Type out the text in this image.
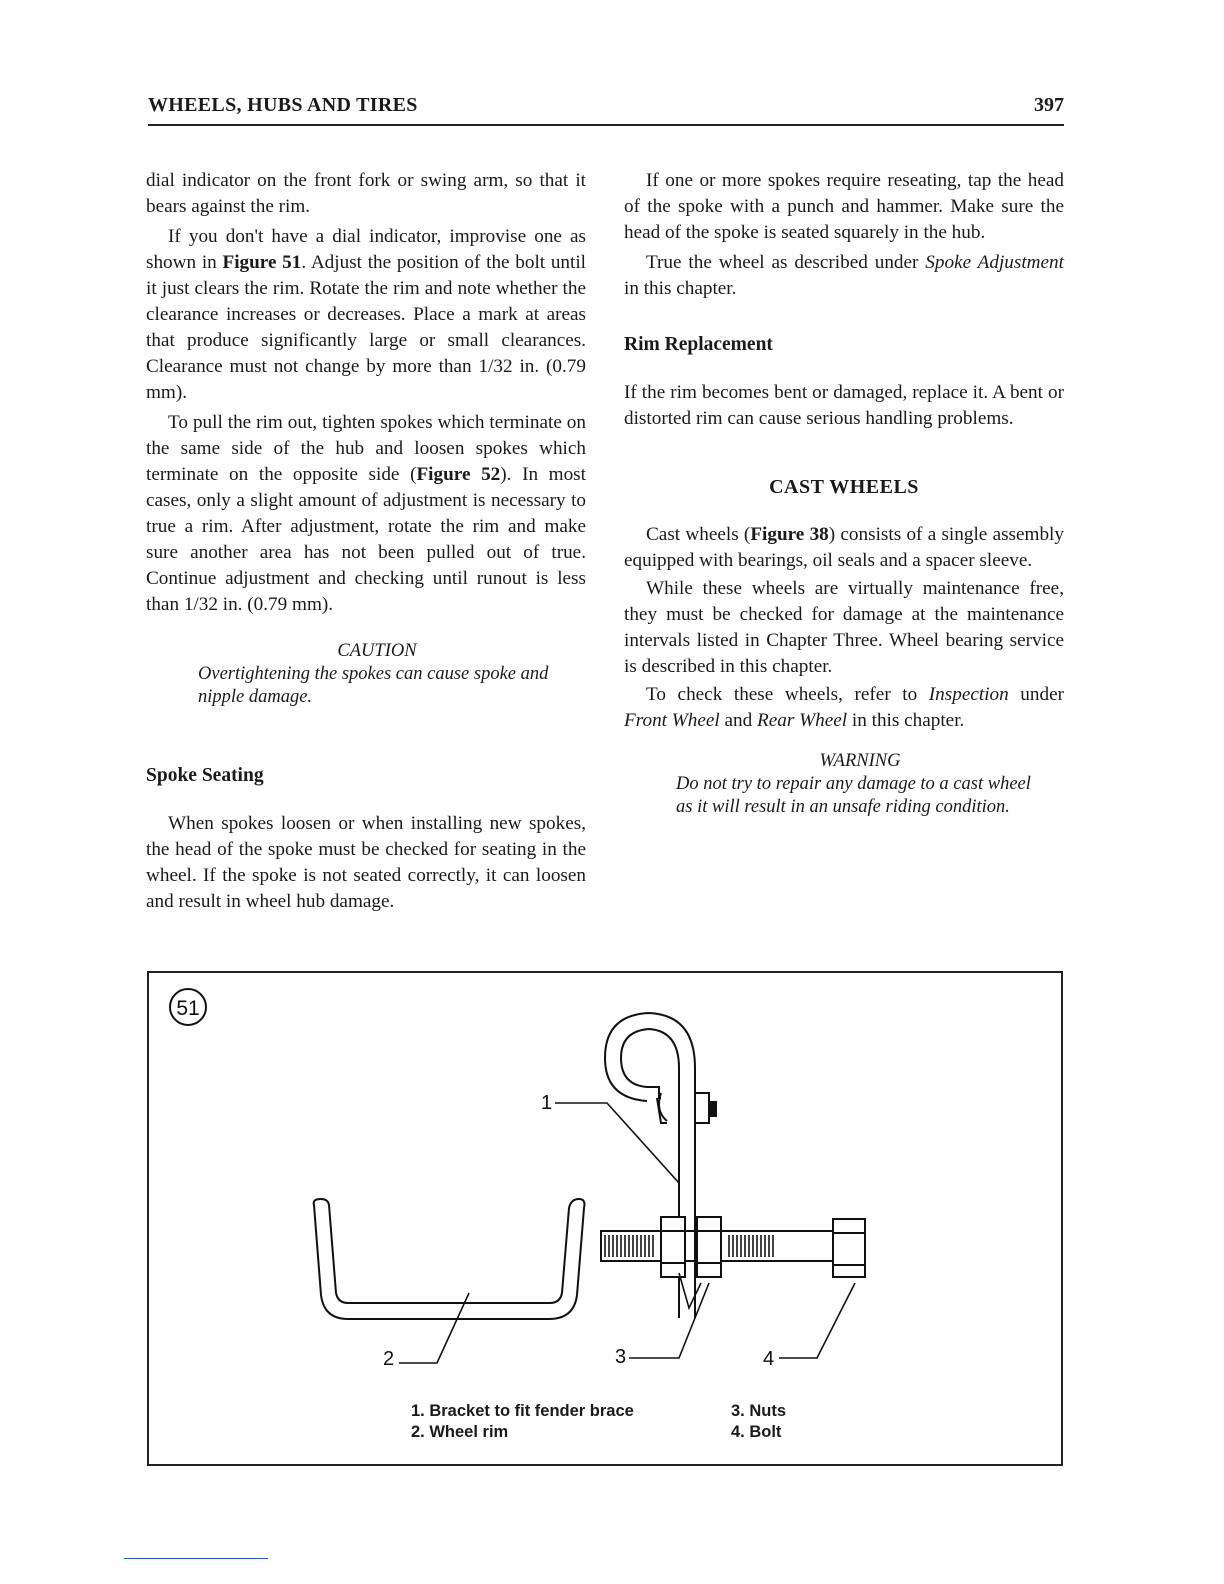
WHEELS, HUBS AND TIRES	397

dial indicator on the front fork or swing arm, so that it bears against the rim.

If you don't have a dial indicator, improvise one as shown in Figure 51. Adjust the position of the bolt until it just clears the rim. Rotate the rim and note whether the clearance increases or decreases. Place a mark at areas that produce significantly large or small clearances. Clearance must not change by more than 1/32 in. (0.79 mm).

To pull the rim out, tighten spokes which terminate on the same side of the hub and loosen spokes which terminate on the opposite side (Figure 52). In most cases, only a slight amount of adjustment is necessary to true a rim. After adjustment, rotate the rim and make sure another area has not been pulled out of true. Continue adjustment and checking until runout is less than 1/32 in. (0.79 mm).

CAUTION
Overtightening the spokes can cause spoke and nipple damage.
Spoke Seating

When spokes loosen or when installing new spokes, the head of the spoke must be checked for seating in the wheel. If the spoke is not seated correctly, it can loosen and result in wheel hub damage.

If one or more spokes require reseating, tap the head of the spoke with a punch and hammer. Make sure the head of the spoke is seated squarely in the hub.

True the wheel as described under Spoke Adjustment in this chapter.

Rim Replacement

If the rim becomes bent or damaged, replace it. A bent or distorted rim can cause serious handling problems.

CAST WHEELS

Cast wheels (Figure 38) consists of a single assembly equipped with bearings, oil seals and a spacer sleeve.

While these wheels are virtually maintenance free, they must be checked for damage at the maintenance intervals listed in Chapter Three. Wheel bearing service is described in this chapter.

To check these wheels, refer to Inspection under Front Wheel and Rear Wheel in this chapter.

WARNING
Do not try to repair any damage to a cast wheel as it will result in an unsafe riding condition.
51
1
2	3	4
1. Bracket to fit fender brace
2. Wheel rim
3. Nuts
4. Bolt
